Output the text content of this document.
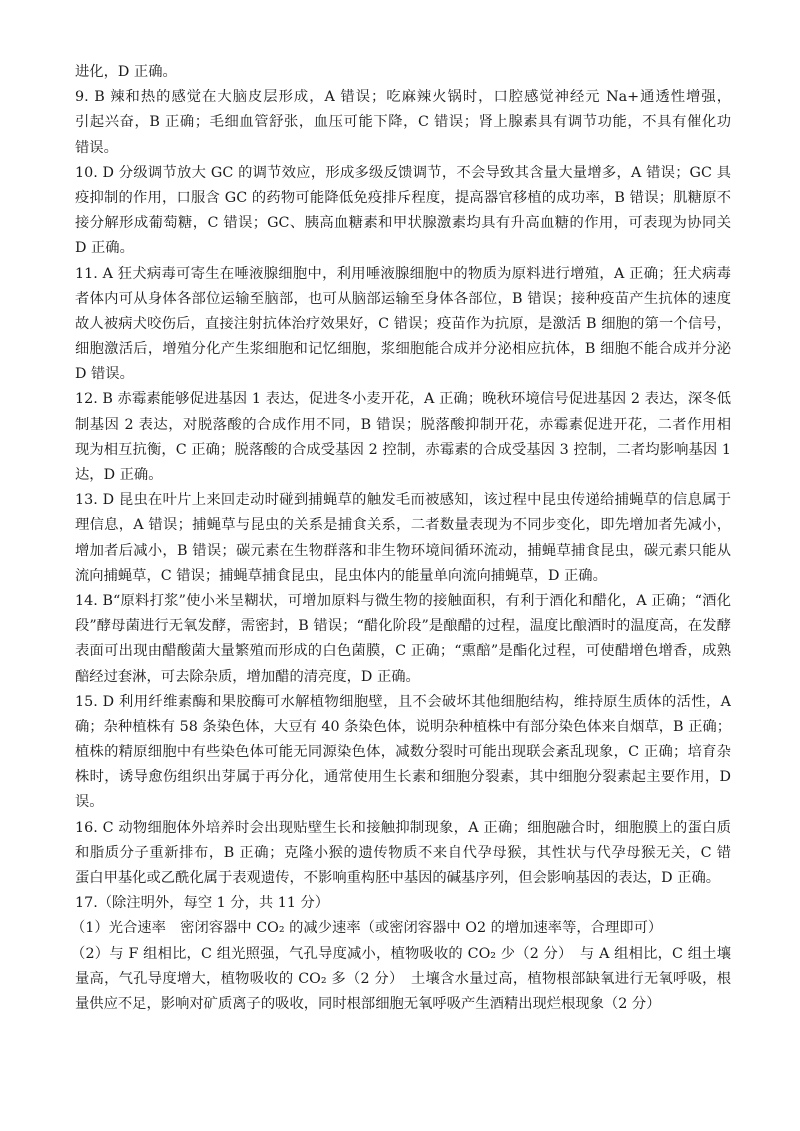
进化，D 正确。
9. B 辣和热的感觉在大脑皮层形成，A 错误；吃麻辣火锅时，口腔感觉神经元 Na+通透性增强，
引起兴奋，B 正确；毛细血管舒张，血压可能下降，C 错误；肾上腺素具有调节功能，不具有催化功
错误。
10. D 分级调节放大 GC 的调节效应，形成多级反馈调节，不会导致其含量大量增多，A 错误；GC 具
疫抑制的作用，口服含 GC 的药物可能降低免疫排斥程度，提高器官移植的成功率，B 错误；肌糖原不
接分解形成葡萄糖，C 错误；GC、胰高血糖素和甲状腺激素均具有升高血糖的作用，可表现为协同关
D 正确。
11. A 狂犬病毒可寄生在唾液腺细胞中，利用唾液腺细胞中的物质为原料进行增殖，A 正确；狂犬病毒
者体内可从身体各部位运输至脑部，也可从脑部运输至身体各部位，B 错误；接种疫苗产生抗体的速度
故人被病犬咬伤后，直接注射抗体治疗效果好，C 错误；疫苗作为抗原，是激活 B 细胞的第一个信号，
细胞激活后，增殖分化产生浆细胞和记忆细胞，浆细胞能合成并分泌相应抗体，B 细胞不能合成并分泌
D 错误。
12. B 赤霉素能够促进基因 1 表达，促进冬小麦开花，A 正确；晚秋环境信号促进基因 2 表达，深冬低
制基因 2 表达，对脱落酸的合成作用不同，B 错误；脱落酸抑制开花，赤霉素促进开花，二者作用相
现为相互抗衡，C 正确；脱落酸的合成受基因 2 控制，赤霉素的合成受基因 3 控制，二者均影响基因 1
达，D 正确。
13. D 昆虫在叶片上来回走动时碰到捕蝇草的触发毛而被感知，该过程中昆虫传递给捕蝇草的信息属于
理信息，A 错误；捕蝇草与昆虫的关系是捕食关系，二者数量表现为不同步变化，即先增加者先减小，
增加者后减小，B 错误；碳元素在生物群落和非生物环境间循环流动，捕蝇草捕食昆虫，碳元素只能从
流向捕蝇草，C 错误；捕蝇草捕食昆虫，昆虫体内的能量单向流向捕蝇草，D 正确。
14. B“原料打浆”使小米呈糊状，可增加原料与微生物的接触面积，有利于酒化和醋化，A 正确；“酒化
段”酵母菌进行无氧发酵，需密封，B 错误；“醋化阶段”是酿醋的过程，温度比酿酒时的温度高，在发酵
表面可出现由醋酸菌大量繁殖而形成的白色菌膜，C 正确；“熏醅”是酯化过程，可使醋增色增香，成熟
醅经过套淋，可去除杂质，增加醋的清亮度，D 正确。
15. D 利用纤维素酶和果胶酶可水解植物细胞壁，且不会破坏其他细胞结构，维持原生质体的活性，A
确；杂种植株有 58 条染色体，大豆有 40 条染色体，说明杂种植株中有部分染色体来自烟草，B 正确；
植株的精原细胞中有些染色体可能无同源染色体，减数分裂时可能出现联会紊乱现象，C 正确；培育杂
株时，诱导愈伤组织出芽属于再分化，通常使用生长素和细胞分裂素，其中细胞分裂素起主要作用，D
误。
16. C 动物细胞体外培养时会出现贴壁生长和接触抑制现象，A 正确；细胞融合时，细胞膜上的蛋白质
和脂质分子重新排布，B 正确；克隆小猴的遗传物质不来自代孕母猴，其性状与代孕母猴无关，C 错
蛋白甲基化或乙酰化属于表观遗传，不影响重构胚中基因的碱基序列，但会影响基因的表达，D 正确。
17.（除注明外，每空 1 分，共 11 分）
（1）光合速率　密闭容器中 CO₂ 的减少速率（或密闭容器中 O2 的增加速率等，合理即可）
（2）与 F 组相比，C 组光照强，气孔导度减小，植物吸收的 CO₂ 少（2 分）　与 A 组相比，C 组土壤
量高，气孔导度增大，植物吸收的 CO₂ 多（2 分）　土壤含水量过高，植物根部缺氧进行无氧呼吸，根
量供应不足，影响对矿质离子的吸收，同时根部细胞无氧呼吸产生酒精出现烂根现象（2 分）
